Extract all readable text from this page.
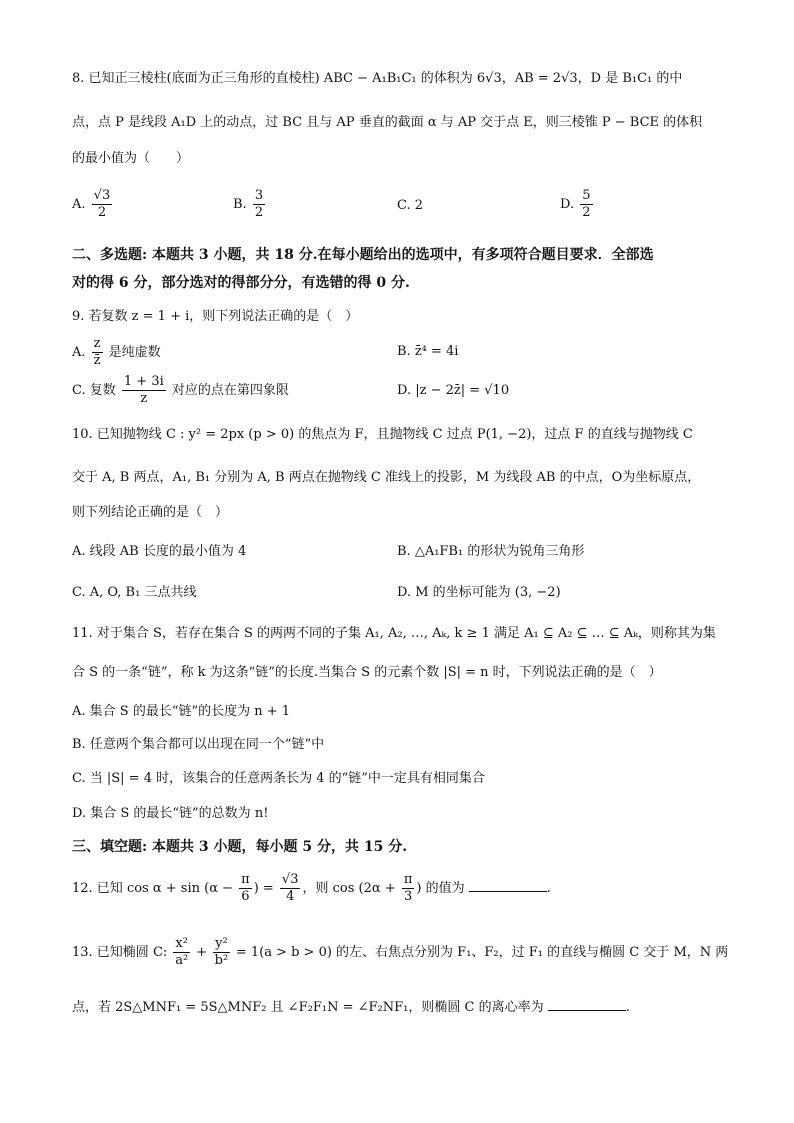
8. 已知正三棱柱(底面为正三角形的直棱柱) ABC − A₁B₁C₁ 的体积为 6√3，AB = 2√3，D 是 B₁C₁ 的中
点，点 P 是线段 A₁D 上的动点，过 BC 且与 AP 垂直的截面 α 与 AP 交于点 E，则三棱锥 P − BCE 的体积
的最小值为（　　）
A. $\frac{√3}{2}$	B. $\frac{3}{2}$	C. 2	D. $\frac{5}{2}$
二、多选题: 本题共 3 小题，共 18 分.在每小题给出的选项中，有多项符合题目要求．全部选
对的得 6 分，部分选对的得部分分，有选错的得 0 分.
9. 若复数 z = 1 + i，则下列说法正确的是（　）
A. $\frac{z}{z̄}$ 是纯虚数	B. z̄⁴ = 4i
C. 复数 $\frac{1 + 3i}{z}$ 对应的点在第四象限	D. |z − 2z̄| = √10
10. 已知抛物线 C : y² = 2px (p > 0) 的焦点为 F，且抛物线 C 过点 P(1, −2)，过点 F 的直线与抛物线 C
交于 A, B 两点，A₁, B₁ 分别为 A, B 两点在抛物线 C 准线上的投影，M 为线段 AB 的中点，O为坐标原点，
则下列结论正确的是（　）
A. 线段 AB 长度的最小值为 4	B. △A₁FB₁ 的形状为锐角三角形
C. A, O, B₁ 三点共线	D. M 的坐标可能为 (3, −2)
11. 对于集合 S，若存在集合 S 的两两不同的子集 A₁, A₂, …, Aₖ, k ≥ 1 满足 A₁ ⊆ A₂ ⊆ … ⊆ Aₖ，则称其为集
合 S 的一条“链”，称 k 为这条“链”的长度.当集合 S 的元素个数 |S| = n 时，下列说法正确的是（　）
A. 集合 S 的最长“链”的长度为 n + 1
B. 任意两个集合都可以出现在同一个“链”中
C. 当 |S| = 4 时，该集合的任意两条长为 4 的“链”中一定具有相同集合
D. 集合 S 的最长“链”的总数为 n!
三、填空题: 本题共 3 小题，每小题 5 分，共 15 分.
12. 已知 $\cos \alpha + \sin (\alpha - \frac{\pi}{6}$ ) = $\frac{√3}{4}$ ，则 $\cos (2\alpha + \frac{\pi}{3}$ ) 的值为	.
13. 已知椭圆 C: $\frac{\text{x²}}{\text{a²}} + \frac{\text{y²}}{\text{b²}} = 1(a > b > 0)$ 的左、右焦点分别为 F₁、F₂，过 F₁ 的直线与椭圆 C 交于 M，N 两
点，若 2S△MNF₁ = 5S△MNF₂ 且 ∠F₂F₁N = ∠F₂NF₁，则椭圆 C 的离心率为	.
